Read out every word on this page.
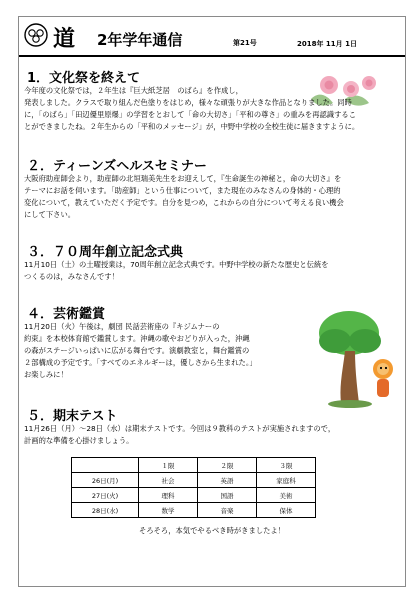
道 2年学年通信	第21号	2018年 11月 1日
1．文化祭を終えて
今年度の文化祭では，２年生は『巨大紙芝居　のばら』を作成し，
発表しました。クラスで取り組んだ色塗りをはじめ，様々な頑張りが大きな作品となりました。同時
に，「のばら」「田辺優里原爆」の学習をとおして「命の大切さ」「平和の尊さ」の重みを再認識するこ
とができましたね。２年生からの「平和のメッセージ」が，中野中学校の全校生徒に届きますように。
２．ティーンズヘルスセミナー
大阪府助産師会より，助産師の北垣瑞美先生をお迎えして，『生命誕生の神秘と，命の大切さ』を
テーマにお話を伺います。「助産師」という仕事について，また現在のみなさんの身体的・心理的
変化について，教えていただく予定です。自分を見つめ，これからの自分について考える良い機会
にして下さい。
３．７０周年創立記念式典
11月10日（土）の土曜授業は，70周年創立記念式典です。中野中学校の新たな歴史と伝統を
つくるのは，みなさんです！
４．芸術鑑賞
11月20日（火）午後は，劇団 民話芸術座の『キジムナーの
約束』を本校体育館で鑑賞します。沖縄の歌やおどりが入った，沖縄
の森がステージいっぱいに広がる舞台です。演劇教室と，舞台鑑賞の
２部構成の予定です。「すべてのエネルギーは，優しさから生まれた。」
お楽しみに！
５．期末テスト
11月26日（月）～28日（水）は期末テストです。今回は９教科のテストが実施されますので，
計画的な準備を心掛けましょう。
	１限	２限	３限
26日(月)	社会	英語	家庭科
27日(火)	理科	国語	美術
28日(水)	数学	音楽	保体
そろそろ，本気でやるべき時がきましたよ！
